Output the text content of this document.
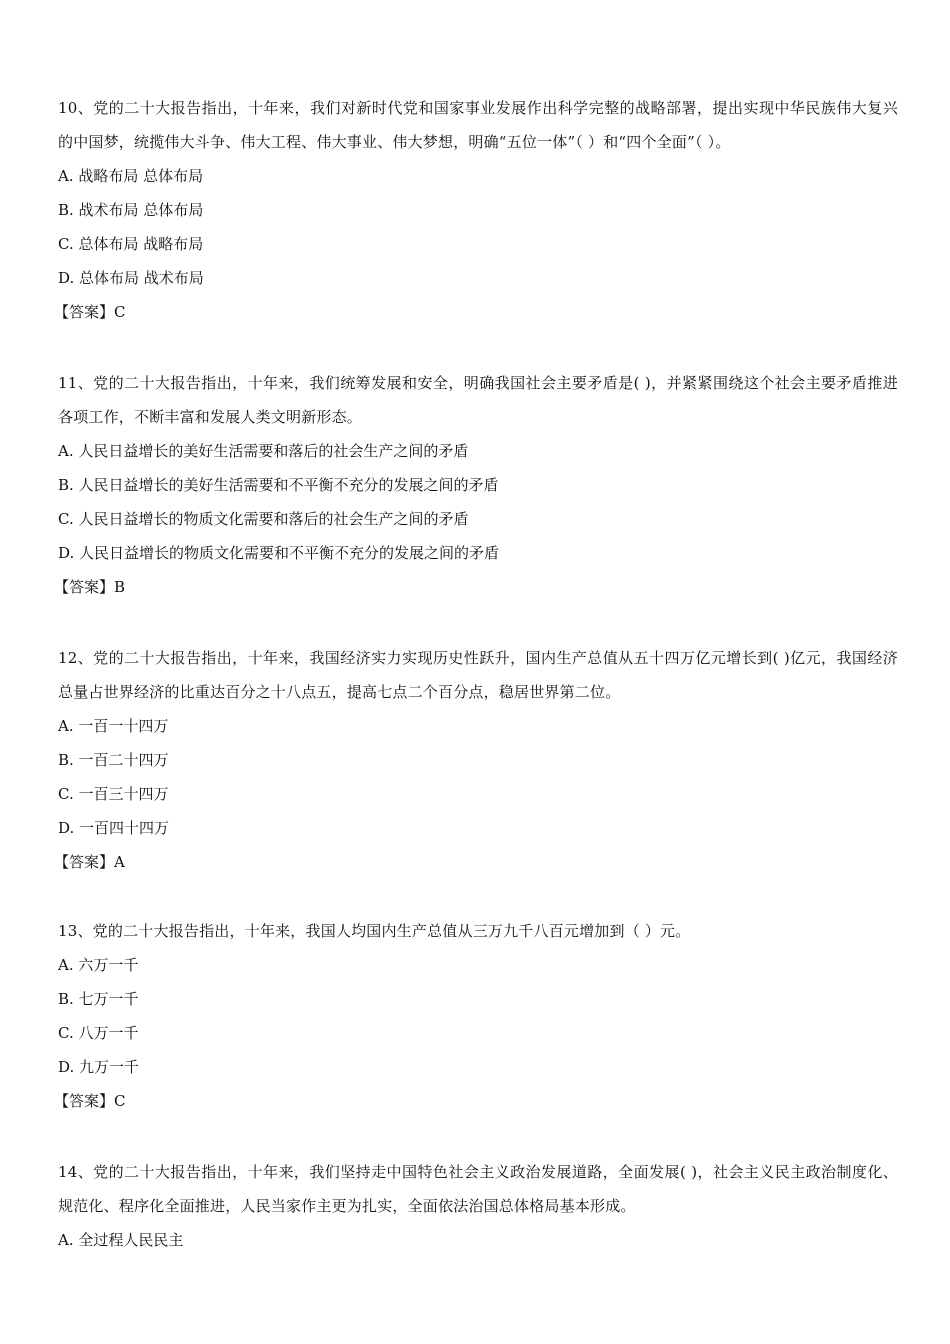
10、党的二十大报告指出，十年来，我们对新时代党和国家事业发展作出科学完整的战略部署，提出实现中华民族伟大复兴的中国梦，统揽伟大斗争、伟大工程、伟大事业、伟大梦想，明确“五位一体”（ ）和“四个全面”（ ）。
A. 战略布局 总体布局
B. 战术布局 总体布局
C. 总体布局 战略布局
D. 总体布局 战术布局
【答案】C
11、党的二十大报告指出，十年来，我们统筹发展和安全，明确我国社会主要矛盾是( )，并紧紧围绕这个社会主要矛盾推进各项工作，不断丰富和发展人类文明新形态。
A. 人民日益增长的美好生活需要和落后的社会生产之间的矛盾
B. 人民日益增长的美好生活需要和不平衡不充分的发展之间的矛盾
C. 人民日益增长的物质文化需要和落后的社会生产之间的矛盾
D. 人民日益增长的物质文化需要和不平衡不充分的发展之间的矛盾
【答案】B
12、党的二十大报告指出，十年来，我国经济实力实现历史性跃升，国内生产总值从五十四万亿元增长到( )亿元，我国经济总量占世界经济的比重达百分之十八点五，提高七点二个百分点，稳居世界第二位。
A. 一百一十四万
B. 一百二十四万
C. 一百三十四万
D. 一百四十四万
【答案】A
13、党的二十大报告指出，十年来，我国人均国内生产总值从三万九千八百元增加到（ ）元。
A. 六万一千
B. 七万一千
C. 八万一千
D. 九万一千
【答案】C
14、党的二十大报告指出，十年来，我们坚持走中国特色社会主义政治发展道路，全面发展( )，社会主义民主政治制度化、规范化、程序化全面推进，人民当家作主更为扎实，全面依法治国总体格局基本形成。
A. 全过程人民民主
